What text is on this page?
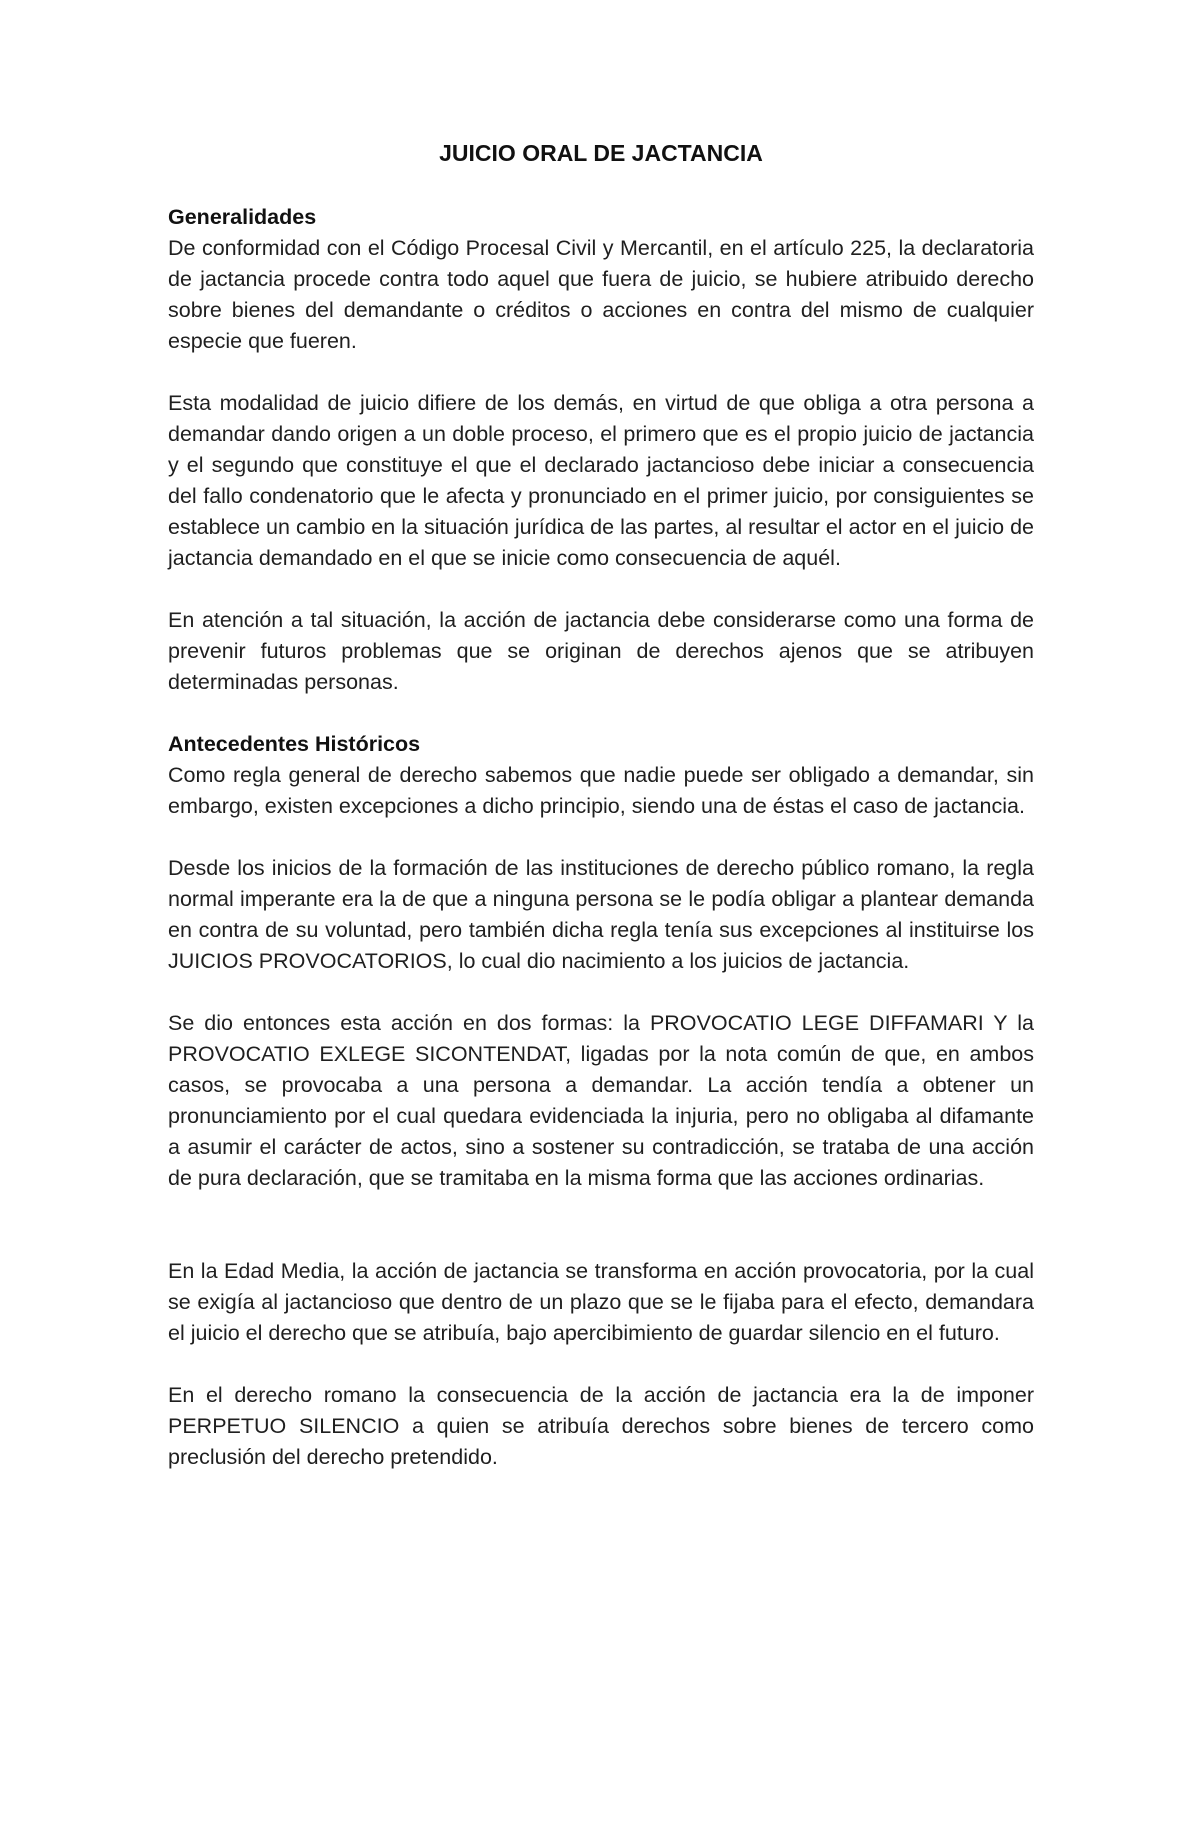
JUICIO ORAL DE JACTANCIA
Generalidades

De conformidad con el Código Procesal Civil y Mercantil, en el artículo 225, la declaratoria de jactancia procede contra todo aquel que fuera de juicio, se hubiere atribuido derecho sobre bienes del demandante o créditos o acciones en contra del mismo de cualquier especie que fueren.

Esta modalidad de juicio difiere de los demás, en virtud de que obliga a otra persona a demandar dando origen a un doble proceso, el primero que es el propio juicio de jactancia y el segundo que constituye el que el declarado jactancioso debe iniciar a consecuencia del fallo condenatorio que le afecta y pronunciado en el primer juicio, por consiguientes se establece un cambio en la situación jurídica de las partes, al resultar el actor en el juicio de jactancia demandado en el que se inicie como consecuencia de aquél.

En atención a tal situación, la acción de jactancia debe considerarse como una forma de prevenir futuros problemas que se originan de derechos ajenos que se atribuyen determinadas personas.

Antecedentes Históricos

Como regla general de derecho sabemos que nadie puede ser obligado a demandar, sin embargo, existen excepciones a dicho principio, siendo una de éstas el caso de jactancia.

Desde los inicios de la formación de las instituciones de derecho público romano, la regla normal imperante era la de que a ninguna persona se le podía obligar a plantear demanda en contra de su voluntad, pero también dicha regla tenía sus excepciones al instituirse los JUICIOS PROVOCATORIOS, lo cual dio nacimiento a los juicios de jactancia.

Se dio entonces esta acción en dos formas: la PROVOCATIO LEGE DIFFAMARI Y la PROVOCATIO EXLEGE SICONTENDAT, ligadas por la nota común de que, en ambos casos, se provocaba a una persona a demandar. La acción tendía a obtener un pronunciamiento por el cual quedara evidenciada la injuria, pero no obligaba al difamante a asumir el carácter de actos, sino a sostener su contradicción, se trataba de una acción de pura declaración, que se tramitaba en la misma forma que las acciones ordinarias.

En la Edad Media, la acción de jactancia se transforma en acción provocatoria, por la cual se exigía al jactancioso que dentro de un plazo que se le fijaba para el efecto, demandara el juicio el derecho que se atribuía, bajo apercibimiento de guardar silencio en el futuro.

En el derecho romano la consecuencia de la acción de jactancia era la de imponer PERPETUO SILENCIO a quien se atribuía derechos sobre bienes de tercero como preclusión del derecho pretendido.
